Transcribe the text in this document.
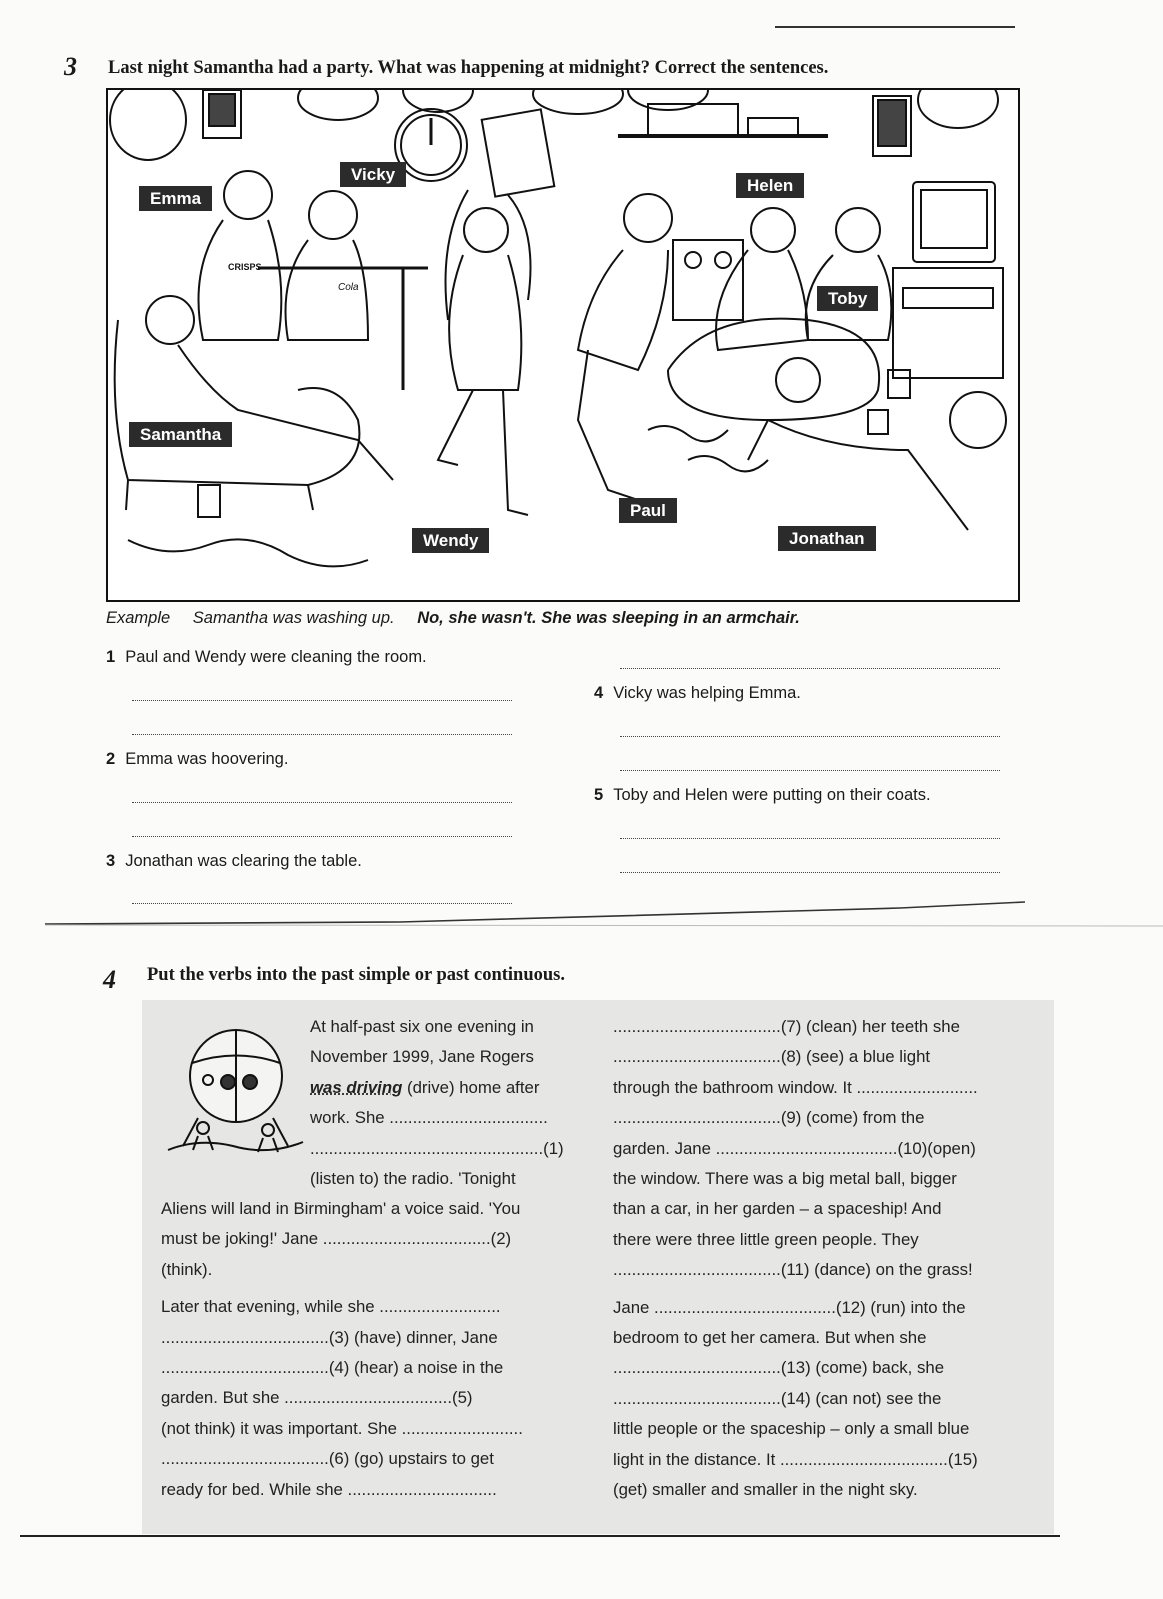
3 Last night Samantha had a party. What was happening at midnight? Correct the sentences.
CRISPS
Cola
Emma
Vicky
Helen
Toby
Samantha
Paul
Wendy	Jonathan
Example Samantha was washing up. No, she wasn't. She was sleeping in an armchair.
1 Paul and Wendy were cleaning the room.
2 Emma was hoovering.
3 Jonathan was clearing the table.
4 Vicky was helping Emma.
5 Toby and Helen were putting on their coats.
4 Put the verbs into the past simple or past continuous.

At half-past six one evening in

November 1999, Jane Rogers

was driving (drive) home after

work. She ..................................

..................................................(1)

(listen to) the radio. 'Tonight

Aliens will land in Birmingham' a voice said. 'You

must be joking!' Jane ....................................(2)

(think).

Later that evening, while she ..........................

....................................(3) (have) dinner, Jane

....................................(4) (hear) a noise in the

garden. But she ....................................(5)

(not think) it was important. She ..........................

....................................(6) (go) upstairs to get

ready for bed. While she ................................

....................................(7) (clean) her teeth she

....................................(8) (see) a blue light

through the bathroom window. It ..........................

....................................(9) (come) from the

garden. Jane .......................................(10)(open)

the window. There was a big metal ball, bigger

than a car, in her garden – a spaceship! And

there were three little green people. They

....................................(11) (dance) on the grass!

Jane .......................................(12) (run) into the

bedroom to get her camera. But when she

....................................(13) (come) back, she

....................................(14) (can not) see the

little people or the spaceship – only a small blue

light in the distance. It ....................................(15)

(get) smaller and smaller in the night sky.
